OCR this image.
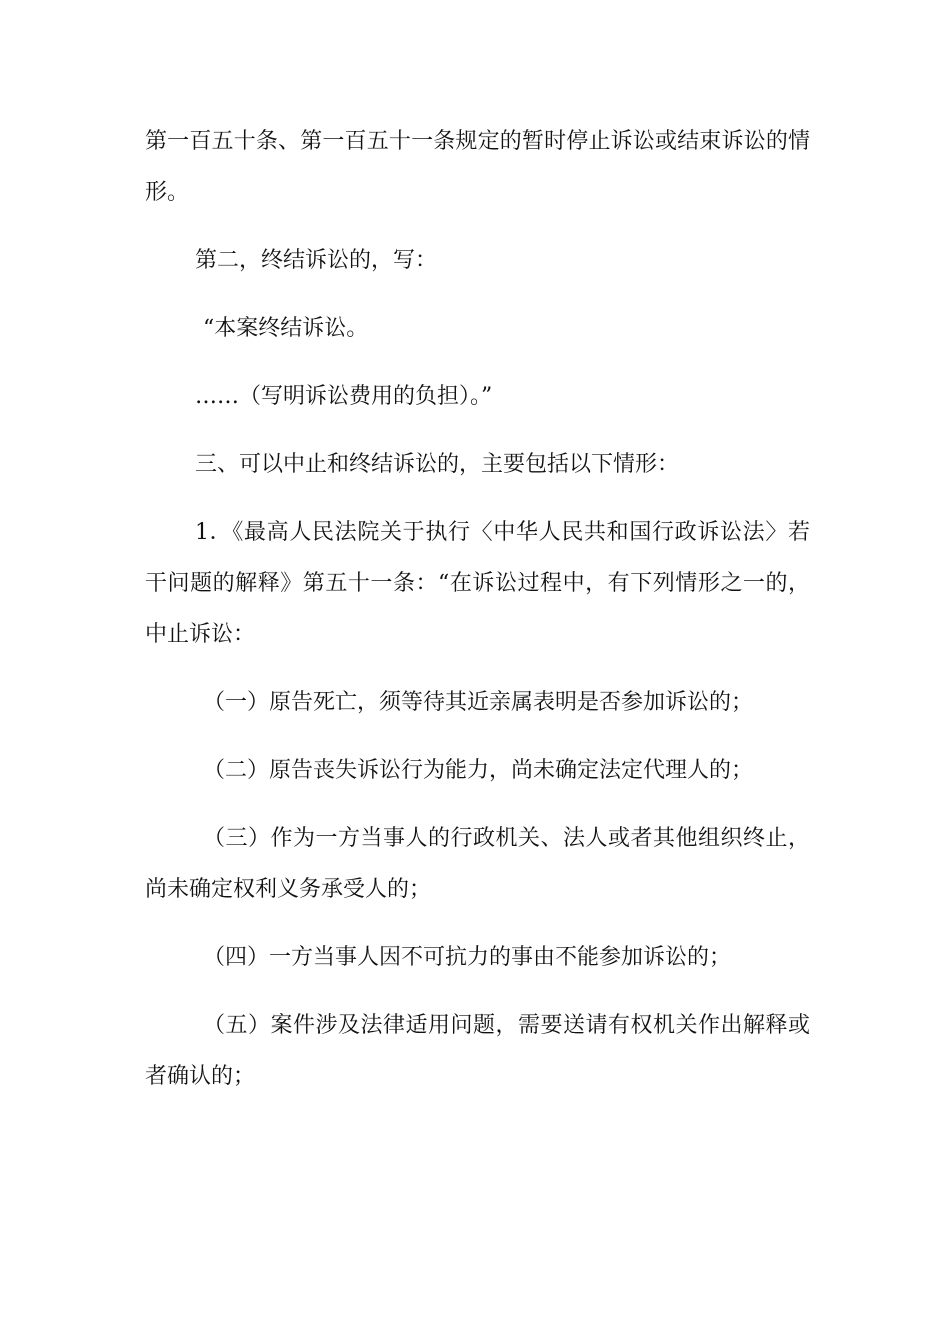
第一百五十条、第一百五十一条规定的暂时停止诉讼或结束诉讼的情形。

第二，终结诉讼的，写：

“本案终结诉讼。

……（写明诉讼费用的负担）。”

三、可以中止和终结诉讼的，主要包括以下情形：

1．《最高人民法院关于执行〈中华人民共和国行政诉讼法〉若干问题的解释》第五十一条：“在诉讼过程中，有下列情形之一的，中止诉讼：

（一）原告死亡，须等待其近亲属表明是否参加诉讼的；

（二）原告丧失诉讼行为能力，尚未确定法定代理人的；

（三）作为一方当事人的行政机关、法人或者其他组织终止，尚未确定权利义务承受人的；

（四）一方当事人因不可抗力的事由不能参加诉讼的；

（五）案件涉及法律适用问题，需要送请有权机关作出解释或者确认的；
